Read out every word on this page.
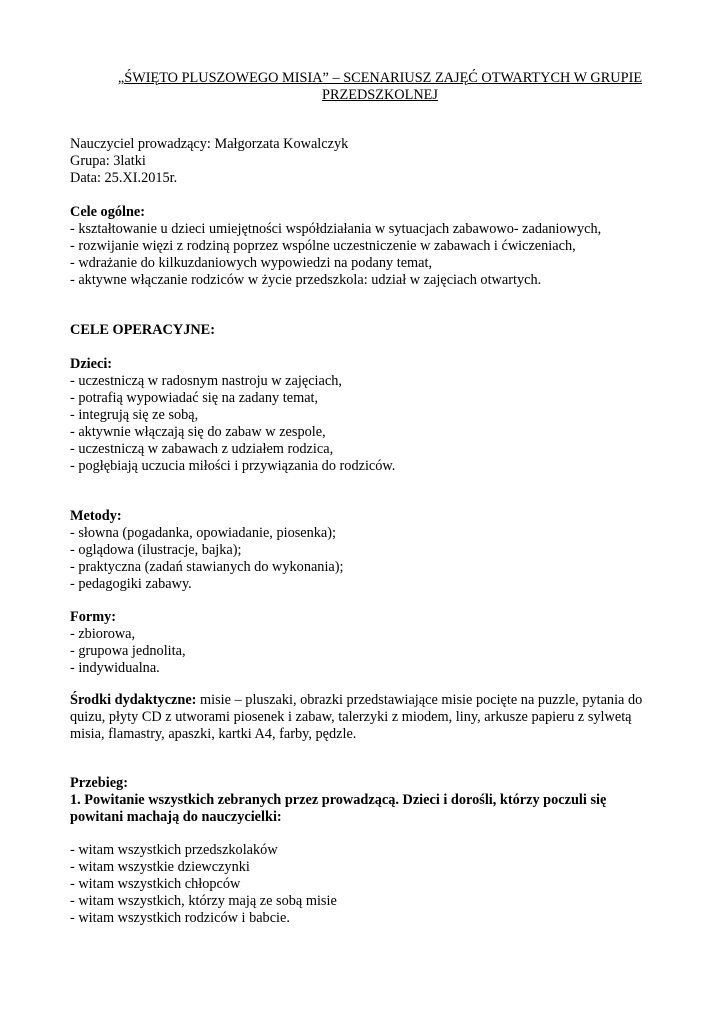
„ŚWIĘTO PLUSZOWEGO MISIA” – SCENARIUSZ ZAJĘĆ OTWARTYCH W GRUPIE
PRZEDSZKOLNEJ
Nauczyciel prowadzący: Małgorzata Kowalczyk
Grupa: 3latki
Data: 25.XI.2015r.
Cele ogólne:
- kształtowanie u dzieci umiejętności współdziałania w sytuacjach zabawowo- zadaniowych,
- rozwijanie więzi z rodziną poprzez wspólne uczestniczenie w zabawach i ćwiczeniach,
- wdrażanie do kilkuzdaniowych wypowiedzi na podany temat,
- aktywne włączanie rodziców w życie przedszkola: udział w zajęciach otwartych.
CELE OPERACYJNE:
Dzieci:
- uczestniczą w radosnym nastroju w zajęciach,
- potrafią wypowiadać się na zadany temat,
- integrują się ze sobą,
- aktywnie włączają się do zabaw w zespole,
- uczestniczą w zabawach z udziałem rodzica,
- pogłębiają uczucia miłości i przywiązania do rodziców.
Metody:
- słowna (pogadanka, opowiadanie, piosenka);
- oglądowa (ilustracje, bajka);
- praktyczna (zadań stawianych do wykonania);
- pedagogiki zabawy.
Formy:
- zbiorowa,
- grupowa jednolita,
- indywidualna.
Środki dydaktyczne: misie – pluszaki, obrazki przedstawiające misie pocięte na puzzle, pytania do quizu, płyty CD z utworami piosenek i zabaw, talerzyki z miodem, liny, arkusze papieru z sylwetą misia, flamastry, apaszki, kartki A4, farby, pędzle.
Przebieg:
1. Powitanie wszystkich zebranych przez prowadzącą. Dzieci i dorośli, którzy poczuli się powitani machają do nauczycielki:
- witam wszystkich przedszkolaków
- witam wszystkie dziewczynki
- witam wszystkich chłopców
- witam wszystkich, którzy mają ze sobą misie
- witam wszystkich rodziców i babcie.
